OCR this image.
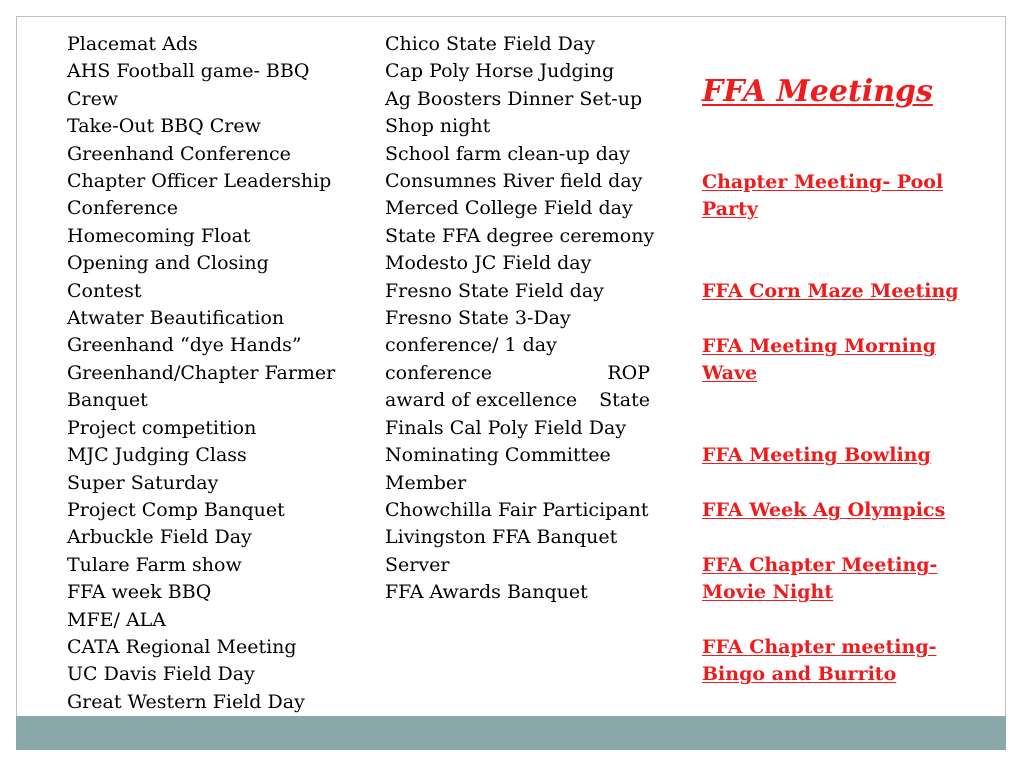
Placemat Ads
AHS Football game- BBQ
Crew
Take-Out BBQ Crew
Greenhand Conference
Chapter Officer Leadership
Conference
Homecoming Float
Opening and Closing
Contest
Atwater Beautification
Greenhand “dye Hands”
Greenhand/Chapter Farmer
Banquet
Project competition
MJC Judging Class
Super Saturday
Project Comp Banquet
Arbuckle Field Day
Tulare Farm show
FFA week BBQ
MFE/ ALA
CATA Regional Meeting
UC Davis Field Day
Great Western Field Day
Chico State Field Day
Cap Poly Horse Judging
Ag Boosters Dinner Set-up
Shop night
School farm clean-up day
Consumnes River field day
Merced College Field day
State FFA degree ceremony
Modesto JC Field day
Fresno State Field day
Fresno State 3-Day
conference/ 1 day
conference	ROP
award of excellence State
Finals Cal Poly Field Day
Nominating Committee
Member
Chowchilla Fair Participant
Livingston FFA Banquet
Server
FFA Awards Banquet
FFA Meetings
Chapter Meeting- Pool
Party
FFA Corn Maze Meeting
FFA Meeting Morning
Wave
FFA Meeting Bowling
FFA Week Ag Olympics
FFA Chapter Meeting-
Movie Night
FFA Chapter meeting-
Bingo and Burrito
